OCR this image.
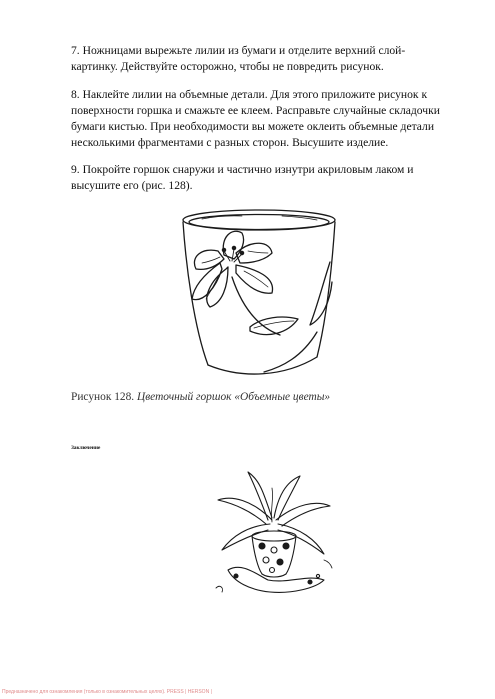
7. Ножницами вырежьте лилии из бумаги и отделите верхний слой-картинку. Действуйте осторожно, чтобы не повредить рисунок.

8. Наклейте лилии на объемные детали. Для этого приложите рисунок к поверхности горшка и смажьте ее клеем. Расправьте случайные складочки бумаги кистью. При необходимости вы можете оклеить объемные детали несколькими фрагментами с разных сторон. Высушите изделие.

9. Покройте горшок снаружи и частично изнутри акриловым лаком и высушите его (рис. 128).

Рисунок 128. Цветочный горшок «Объемные цветы»

Заключение

Предназначено для ознакомления (только в ознакомительных целях). PRESS | HERSON |
